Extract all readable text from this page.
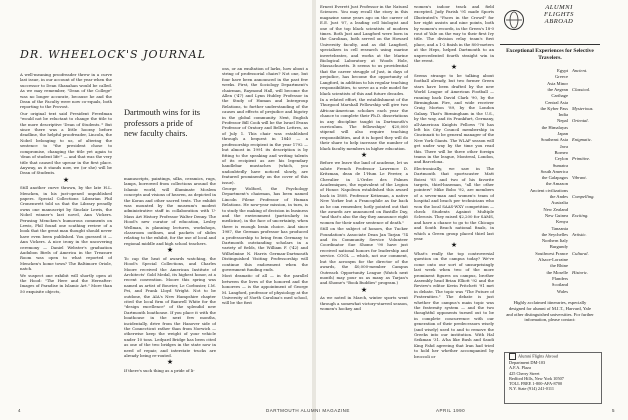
DR. WHEELOCK'S JOURNAL

A well-meaning proofreader threw in a curve last issue, in our account of the year when the successor to Dean Shanahan would be called. As we may remember, "Dean of the College" was no longer accurate, because he and the Dean of the Faculty were now co-equals, both reporting to the Provost.

Our original text said President Freedman "would not be reluctant to change the title to the more descriptive 'Dean of Students.'" But since there was a little hooray before deadline, the helpful proofreader, Lincoln, the Nobel belonging to us, of altering the sentence to "the president chose to compromise, changing the title yet again to 'dean of student life'" — and that was the very title that caused the uproar in the first place. Anyway, as it stands now, we (or she) will be Dean of Students.

★

Still another curve thrown, by the late H.L. Mencken, in his just-opened unpublished papers. Special Collections Librarian Phil Cronenwett told us that the Library proudly owns one manuscript by Sinclair Lewis, the Nobel winner's last novel, Ann Vickers. Perusing Mencken's humorous comments on Lewis, Phil found one scathing review of a book that the great man thought should never have even been published. You guessed it — Ann Vickers. A nice irony in the uncovering ceremony — Daniel Webster's graduation Audubon Birds of America in the Treasure Room was open to what reported of Mencken's home town? The Baltimore Oriole, natch.

We suspect one exhibit will shortly open at the Hood: "The Here and the Hereafter: Images of Paradise in Islamic Art." More than 50 exquisite objects,

Dartmouth wins for its professors a pride of new faculty chairs.

manuscripts, paintings, silks, ceramics, rugs, lamps, borrowed from collections around the Islamic world, will illuminate Moslem concepts and visions of heaven, as depicted in the Koran and other sacred texts. The exhibit was mounted by the museum's modest administrative staff in collaboration with U-Mass Art History Professor Walter Denny. The Hood's new curator of education, Lesley Wellman, is planning lectures, workshops, classroom outlines, and packets of slides relating to the exhibit, for the use of local and regional middle and high school teachers.

★

To cap the heat of awards watching, the Hood's Special Collections, and Charles Moore received the American Institute of Architects' Gold Medal, its highest honor, at a recent convention. Moore this spring was named as artist of Bouvier, Le Corbusier, I.M. Pei, and Frank Lloyd Wright. Not to be outdone, the AIA's New Hampshire chapter cited the local firm of Banwell White for the "design excellence" of the splendid new Dartmouth boathouse. If you place it with the boathouse in the next few months, incidentally, drive from the Hanover side of the Connecticut rather than from Norwich — otherwise keep the weight of your vehicle under 10 tons. Ledyard Bridge has been cited as one of the two bridges in the state now in need of repair, and interstate trucks are already being re-routed.

★

If there's such thing as a pride of li-

ons, or an exultation of larks, how about a string of professorial chairs? Not one, but four have been announced in the past few weeks. First, the Sociology Department's chairman, Raymond Hall, will become the Allen ('47) and Lynn Hubley Professor in the Study of Human and Intergroup Relations, to further understanding of the causes and effects of prejudice and bigotry in the global community. Next, English Professor Bill Cook will be the Israel Evans Professor of Oratory and Belles Lettres, as of July 1. This chair was established through a bequest in 1840 — a professorship recipient in the year 1792 — but almost in 1991 its description is by fitting to the speaking and writing talents of its recipient as are his legendary handlebar mustaches (which, you undoubtedly have noticed slowly, are featured prominently on the cover of this issue).

George Wolford, the Psychology Department's chairman, has been named Lincoln Filene Professor of Human Relations. He now-year mission, in turn, is to study the making of decision in business and the environment (particularly in medicine), in the face of uncertainty, when there is enough brain choice. And since 1987, the German professor has produced a professorship to bring from Germany to Dartmouth outstanding scholars in a variety of fields, the William F. ('42) and Wilhelmine N. Harris German-Dartmouth Distinguished Visiting Professorship will continue this endowment when the government funding ends.

Most dramatic of all — in the parallel between the lives of the honored and the honorees — is the appointment of George M. Langford, professor of physiology at the University of North Carolina's med school, will be the first

4

Ernest Everett Just Professor in the Natural Sciences. You may recall the story in this magazine some years ago on the career of E.E. Just '07, a leading cell biologist and one of the top black scientists of modern times. Both Just and Langford were born in the Carolinas, both served on the Howard University faculty, and as did Langford, specializes in cell research using marine invertebrates, and works at the Marine Biological Laboratory at Woods Hole, Massachusetts. It seems to us providential that the career struggle of Just, in days of prejudice, has become the opportunity of Langford, in addition to his regular teaching responsibilities, to serve as a role model for black scientists of this and future decades.

In a related effort, the establishment of the Thurgood Marshall Fellowship will give two African-American scholars each year the chance to complete their Ph.D. dissertations in any discipline taught in Dartmouth's curriculum. The fellowships' $20,000 stipend will also require teaching responsibilities, and it is hoped they will do their share to help increase the number of black faculty members in higher education.

★

Before we leave the land of academe, let us salute French Professor Lawrence D. Kritzman, dean de 1'Hum Le Ferrier, a Chevalier in L'Ordre des Palmes Academiques, the equivalent of the Legion of Honor. Napoleon established this award back in 1808. Professor Kritzman, a native New Yorker but a Francophile as far back as he can remember, hotly pointed out that the awards are announced on Bastille Day, "and that's also the day they announce eight women for their under sentence of death."

Still on the subject of honors, the Tucker Foundation's Associate Dean Jan Tarjan '74 and its Community Service Volunteer Coordinator Sue Shome '90 have just received national honors for leadership and service. COOL — which, not our comment, but the acronym for the director of the awards, the 40,000-member Campus Outreach Opportunity League (Watch next month) may pour us as many as Tarjan's and Shome's "Book Buddies" program.)

★

As we noted in March, winter sports went through a somewhat victory-starved season, women's hockey and

women's indoor track and field excepted. Judy Parish '91 made Sports Illustrated's "Faces in the Crowd" for her eight assists and nine points, both by women's records, in the Green's 18-0 rout of Yale on the way to their first Ivy title. The division relay team's first place, and a 1-2 finish in the 800-meters at the Heps, helped Dartmouth to an unprecedented fourth straight win in the event.

★

Seems strange to be talking about football already, but two former Green stars have been drafted by the new World League of American Football — running back David Clark '90, by the Birmingham Fire, and wide receiver Craig Morton '89, by the London Galaxy. That's Birmingham in the U.S., by the way, and its Frankfurt, Germany, all-American Knights Fellows '76 has left his City Council membership in Cincinnati to be general manager of the New York Giants. The WLAF season will get under way by the time you read this. There will be three other foreign teams in the league, Montreal, London, and Barcelona.

Electronically, we saw in The Dartmouth that sportscaster Matt Boiesi '93 and two of his favorite targets, third-baseman, "all the other pointers" Mike Bobo '92, are members of a seven-man and women's team of hospital and beach per technicians who won the local SAAS-WXY competition — check Students Against Multiple Sclerosis. They raised $2,200 for SAMS, and have a chance to go to the Chicago and South Beach national finals, in which a Green group placed third last year.

★

What's really the top controversial question on the campus today? We've come onto our sort of unsurprisingly last week when two of the more prominent figures on campus, brother Assembly head Brian Elliott '92 and the Review's editor Kevin Pritchett '91 met in debate. The topic was "The Future of Fraternities." The debate is just whether the campus's main topic was the fraternity system — and the two thoughtful opponents turned out to be in complete concurrence with our generation of their predecessors wisely (and wisely) used to and to remove the Greeks into our institution. With Hal Seikman '31. A'ha like Bush and Saudi King Fahd agreeing that Iran had tried to hold her whether accompanied by broccoli or

DARTMOUTH ALUMNI MAGAZINE	APRIL 1990	5
ALUMNI
FLIGHTS
ABROAD
Exceptional Experiences for Selective Travelers.
Egypt Ancient.
Greece
Asia Minor
the Aegean Classical.
Carthage
Central Asia
the Kyber Pass Mysterious.
India
Nepal Oriental.
the Himalayas
Japan
Southeast Asia Enigmatic.
Java
Borneo
Ceylon Primitive.
Sumatra
South America
the Galapagos Vibrant.
the Amazon
Ancient civilizations
the Andes Compelling.
Australia
New Zealand
New Guinea Exciting.
Kenya
Tanzania
the Seychelles Artistic.
Northern Italy
Burgundy
Southwest France Cultural.
Alsace-Lorraine
the Rhine
the Moselle Historic.
Flanders
Scotland
Wales
Highly acclaimed itineraries, especially designed for alumni of M.I.T., Harvard, Yale and other distinguished universities. For further information, please contact:
Alumni Flights Abroad
Department DM-103
A.F.A. Plaza
425 Cherry Street
Bedford Hills, New York 10507
TOLL FREE 1-800-AFA-8700
N.Y. State (914) 241-0111
